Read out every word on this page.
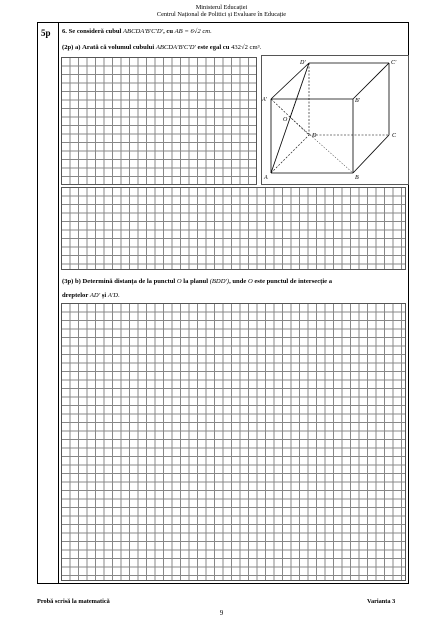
Ministerul Educației
Centrul Național de Politici și Evaluare în Educație
5p 6. Se consideră cubul ABCDA'B'C'D', cu AB = 6√2 cm.
(2p) a) Arată că volumul cubului ABCDA'B'C'D' este egal cu 432√2 cm³.
D'	C'
A'	B'
O
D	C
A	B
(3p) b) Determină distanța de la punctul O la planul (BDD'), unde O este punctul de intersecție a
dreptelor AD' și A'D.
Probă scrisă la matematică	Varianta 3
9
